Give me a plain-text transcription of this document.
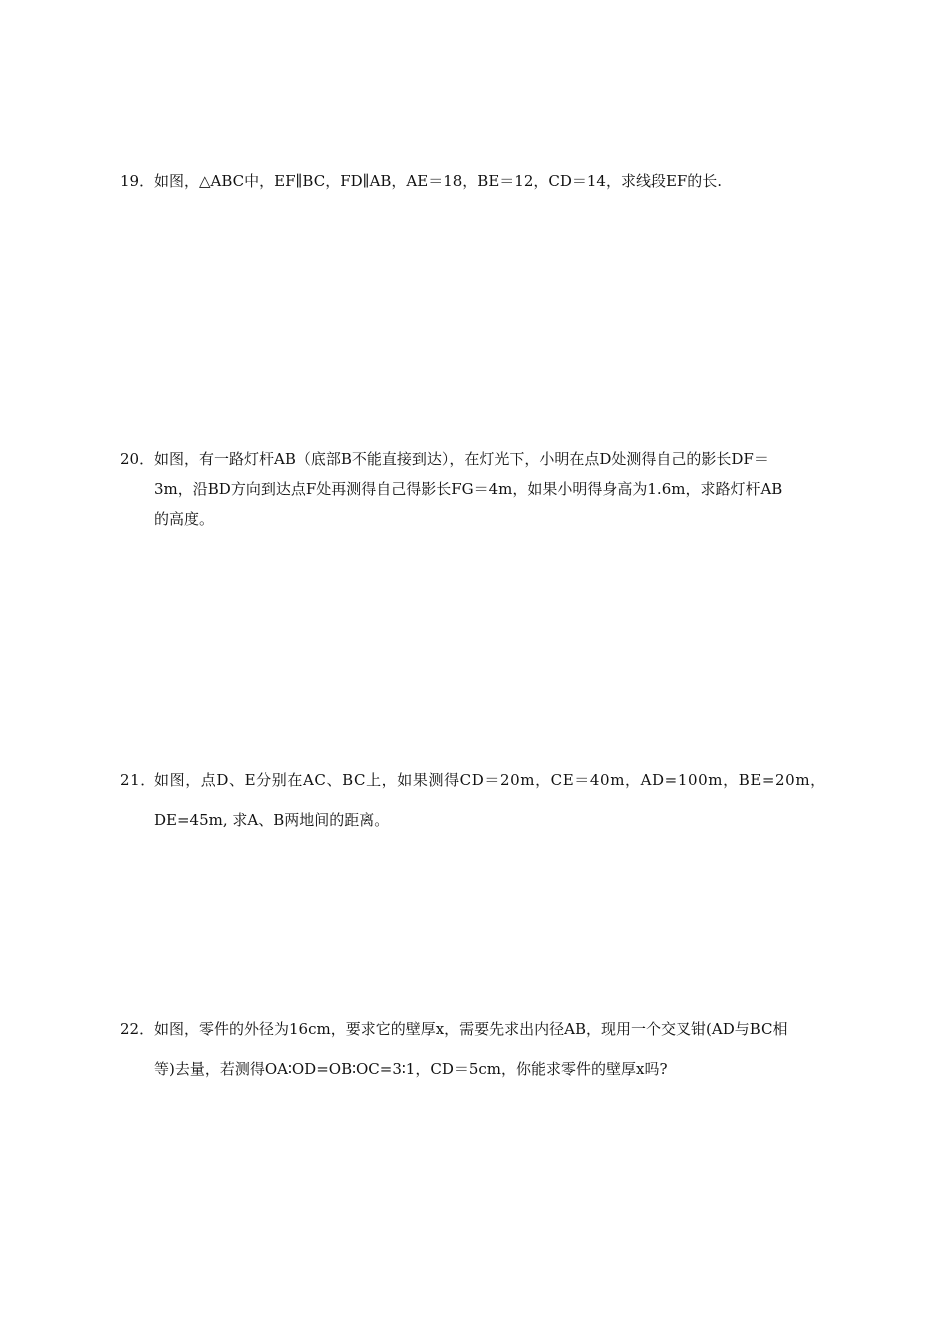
19．如图，△ABC中，EF∥BC，FD∥AB，AE＝18，BE＝12，CD＝14，求线段EF的长.
20．如图，有一路灯杆AB（底部B不能直接到达），在灯光下，小明在点D处测得自己的影长DF＝
3m，沿BD方向到达点F处再测得自己得影长FG＝4m，如果小明得身高为1.6m，求路灯杆AB
的高度。
21．如图，点D、E分别在AC、BC上，如果测得CD＝20m，CE＝40m，AD=100m，BE=20m，
DE=45m, 求A、B两地间的距离。
22．如图，零件的外径为16cm，要求它的壁厚x，需要先求出内径AB，现用一个交叉钳(AD与BC相
等)去量，若测得OA∶OD=OB∶OC=3∶1，CD＝5cm，你能求零件的壁厚x吗?
